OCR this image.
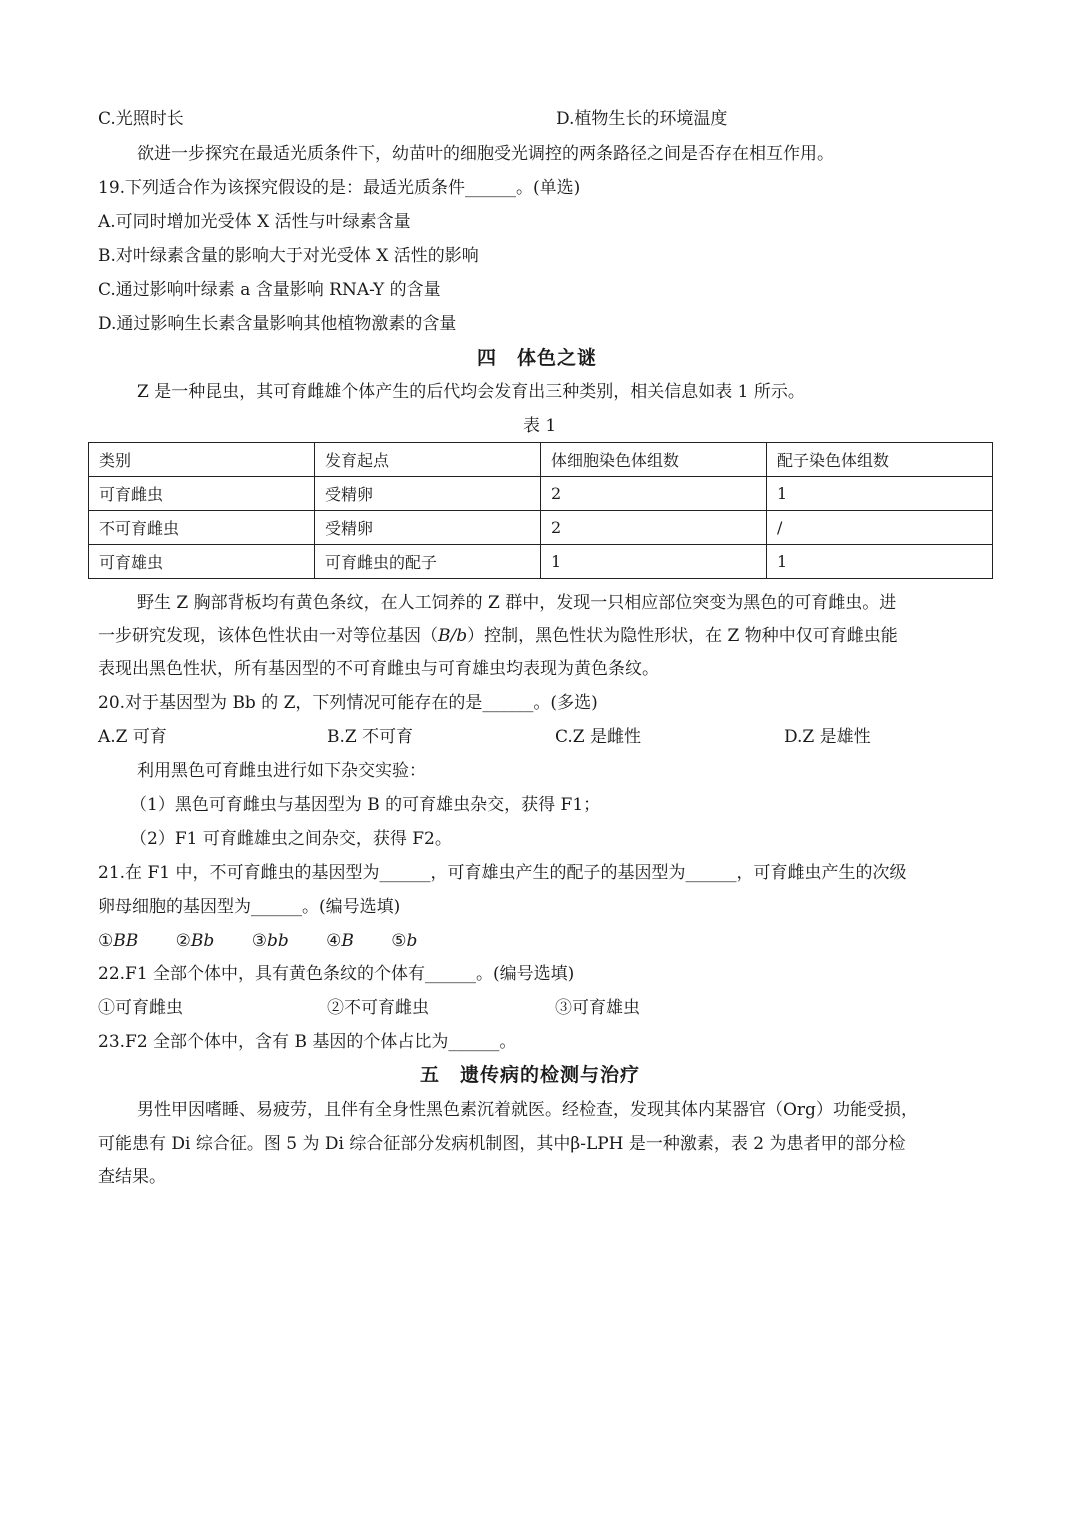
C.光照时长	D.植物生长的环境温度
欲进一步探究在最适光质条件下，幼苗叶的细胞受光调控的两条路径之间是否存在相互作用。
19.下列适合作为该探究假设的是：最适光质条件______。(单选)
A.可同时增加光受体 X 活性与叶绿素含量
B.对叶绿素含量的影响大于对光受体 X 活性的影响
C.通过影响叶绿素 a 含量影响 RNA-Y 的含量
D.通过影响生长素含量影响其他植物激素的含量
四　体色之谜
Z 是一种昆虫，其可育雌雄个体产生的后代均会发育出三种类别，相关信息如表 1 所示。
表 1
类别	发育起点	体细胞染色体组数	配子染色体组数
可育雌虫	受精卵	2	1
不可育雌虫	受精卵	2	/
可育雄虫	可育雌虫的配子	1	1
野生 Z 胸部背板均有黄色条纹，在人工饲养的 Z 群中，发现一只相应部位突变为黑色的可育雌虫。进
一步研究发现，该体色性状由一对等位基因（B/b）控制，黑色性状为隐性形状，在 Z 物种中仅可育雌虫能
表现出黑色性状，所有基因型的不可育雌虫与可育雄虫均表现为黄色条纹。
20.对于基因型为 Bb 的 Z，下列情况可能存在的是______。(多选)
A.Z 可育	B.Z 不可育	C.Z 是雌性	D.Z 是雄性
利用黑色可育雌虫进行如下杂交实验：
（1）黑色可育雌虫与基因型为 B 的可育雄虫杂交，获得 F1；
（2）F1 可育雌雄虫之间杂交，获得 F2。
21.在 F1 中，不可育雌虫的基因型为______，可育雄虫产生的配子的基因型为______，可育雌虫产生的次级
卵母细胞的基因型为______。(编号选填)
①BB ②Bb ③bb ④B ⑤b
22.F1 全部个体中，具有黄色条纹的个体有______。(编号选填)
①可育雌虫	②不可育雌虫	③可育雄虫
23.F2 全部个体中，含有 B 基因的个体占比为______。
五　遗传病的检测与治疗
男性甲因嗜睡、易疲劳，且伴有全身性黑色素沉着就医。经检查，发现其体内某器官（Org）功能受损，
可能患有 Di 综合征。图 5 为 Di 综合征部分发病机制图，其中β-LPH 是一种激素，表 2 为患者甲的部分检
查结果。
